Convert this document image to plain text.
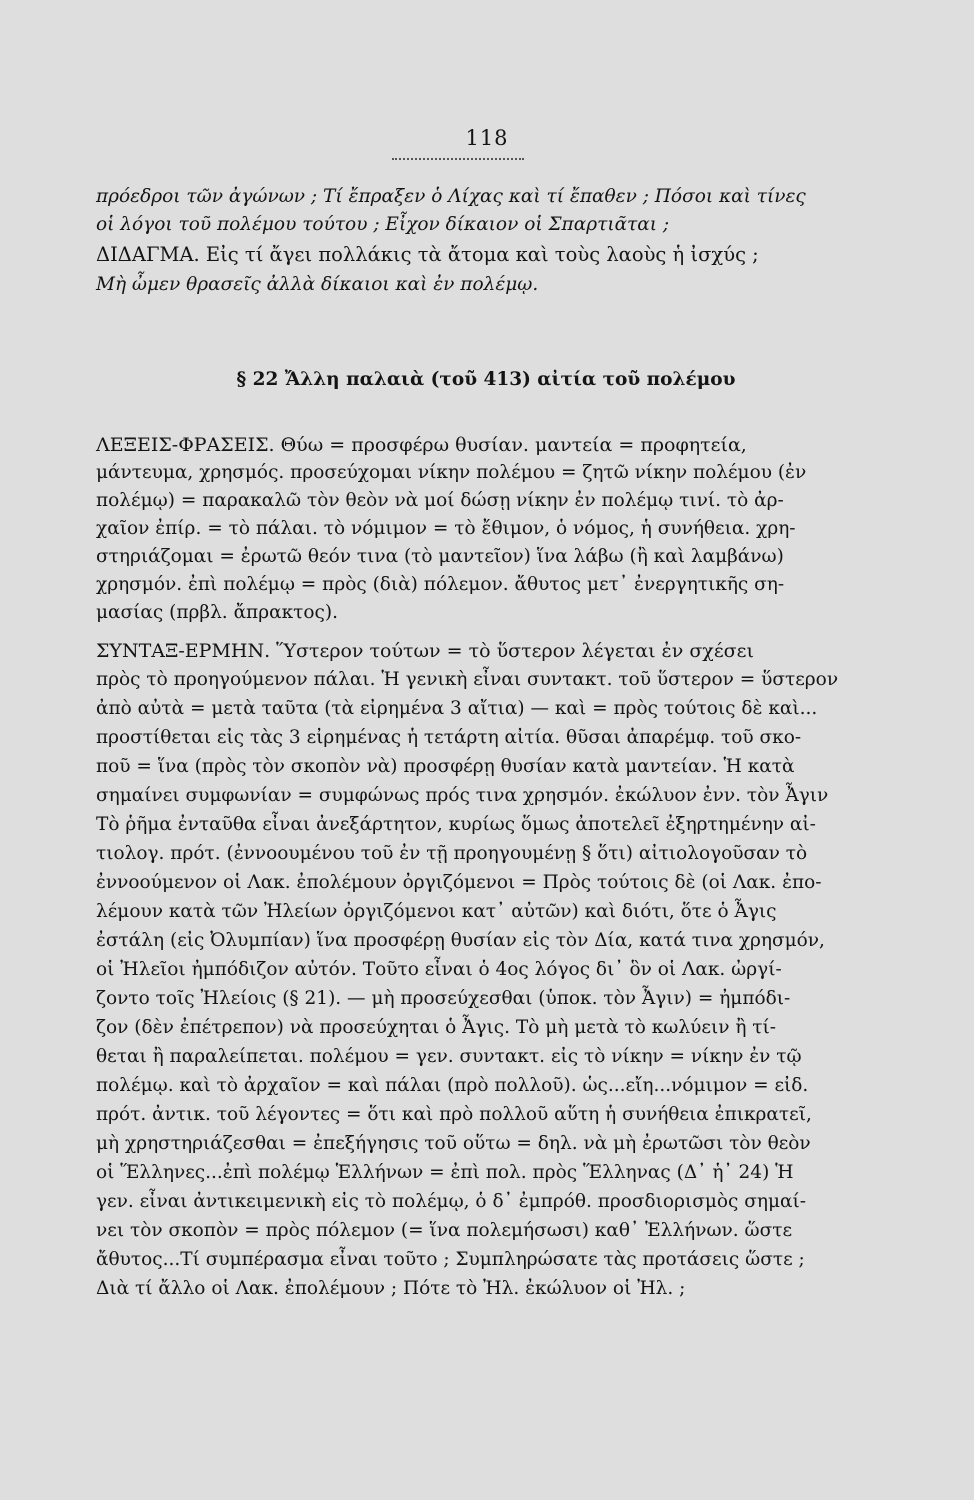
118
πρόεδροι τῶν ἀγώνων ; Τί ἔπραξεν ὁ Λίχας καὶ τί ἔπαθεν ; Πόσοι καὶ τίνες
οἱ λόγοι τοῦ πολέμου τούτου ; Εἶχον δίκαιον οἱ Σπαρτιᾶται ;
ΔΙΔΑΓΜΑ. Εἰς τί ἄγει πολλάκις τὰ ἄτομα καὶ τοὺς λαοὺς ἡ ἰσχύς ;
Μὴ ὦμεν θρασεῖς ἀλλὰ δίκαιοι καὶ ἐν πολέμῳ.
§ 22 Ἄλλη παλαιὰ (τοῦ 413) αἰτία τοῦ πολέμου
ΛΕΞΕΙΣ-ΦΡΑΣΕΙΣ. Θύω = προσφέρω θυσίαν. μαντεία = προφητεία,
μάντευμα, χρησμός. προσεύχομαι νίκην πολέμου = ζητῶ νίκην πολέμου (ἐν
πολέμῳ) = παρακαλῶ τὸν θεὸν νὰ μοί δώσῃ νίκην ἐν πολέμῳ τινί. τὸ ἀρ-
χαῖον ἐπίρ. = τὸ πάλαι. τὸ νόμιμον = τὸ ἔθιμον, ὁ νόμος, ἡ συνήθεια. χρη-
στηριάζομαι = ἐρωτῶ θεόν τινα (τὸ μαντεῖον) ἵνα λάβω (ἢ καὶ λαμβάνω)
χρησμόν. ἐπὶ πολέμῳ = πρὸς (διὰ) πόλεμον. ἄθυτος μετ᾽ ἐνεργητικῆς ση-
μασίας (πρβλ. ἄπρακτος).
ΣΥΝΤΑΞ-ΕΡΜΗΝ. Ὕστερον τούτων = τὸ ὕστερον λέγεται ἐν σχέσει
πρὸς τὸ προηγούμενον πάλαι. Ἡ γενικὴ εἶναι συντακτ. τοῦ ὕστερον = ὕστερον
ἀπὸ αὐτὰ = μετὰ ταῦτα (τὰ εἰρημένα 3 αἴτια) — καὶ = πρὸς τούτοις δὲ καὶ...
προστίθεται εἰς τὰς 3 εἰρημένας ἡ τετάρτη αἰτία. θῦσαι ἀπαρέμφ. τοῦ σκο-
ποῦ = ἵνα (πρὸς τὸν σκοπὸν νὰ) προσφέρῃ θυσίαν κατὰ μαντείαν. Ἡ κατὰ
σημαίνει συμφωνίαν = συμφώνως πρός τινα χρησμόν. ἐκώλυον ἐνν. τὸν Ἆγιν
Τὸ ῥῆμα ἐνταῦθα εἶναι ἀνεξάρτητον, κυρίως ὅμως ἀποτελεῖ ἐξηρτημένην αἰ-
τιολογ. πρότ. (ἐννοουμένου τοῦ ἐν τῇ προηγουμένῃ § ὅτι) αἰτιολογοῦσαν τὸ
ἐννοούμενον οἱ Λακ. ἐπολέμουν ὀργιζόμενοι = Πρὸς τούτοις δὲ (οἱ Λακ. ἐπο-
λέμουν κατὰ τῶν Ἠλείων ὀργιζόμενοι κατ᾽ αὐτῶν) καὶ διότι, ὅτε ὁ Ἆγις
ἐστάλη (εἰς Ὀλυμπίαν) ἵνα προσφέρῃ θυσίαν εἰς τὸν Δία, κατά τινα χρησμόν,
οἱ Ἠλεῖοι ἠμπόδιζον αὐτόν. Τοῦτο εἶναι ὁ 4ος λόγος δι᾽ ὃν οἱ Λακ. ὠργί-
ζοντο τοῖς Ἠλείοις (§ 21). — μὴ προσεύχεσθαι (ὑποκ. τὸν Ἆγιν) = ἠμπόδι-
ζον (δὲν ἐπέτρεπον) νὰ προσεύχηται ὁ Ἆγις. Τὸ μὴ μετὰ τὸ κωλύειν ἢ τί-
θεται ἢ παραλείπεται. πολέμου = γεν. συντακτ. εἰς τὸ νίκην = νίκην ἐν τῷ
πολέμῳ. καὶ τὸ ἀρχαῖον = καὶ πάλαι (πρὸ πολλοῦ). ὡς...εἴη...νόμιμον = εἰδ.
πρότ. ἀντικ. τοῦ λέγοντες = ὅτι καὶ πρὸ πολλοῦ αὕτη ἡ συνήθεια ἐπικρατεῖ,
μὴ χρηστηριάζεσθαι = ἐπεξήγησις τοῦ οὕτω = δηλ. νὰ μὴ ἐρωτῶσι τὸν θεὸν
οἱ Ἕλληνες...ἐπὶ πολέμῳ Ἑλλήνων = ἐπὶ πολ. πρὸς Ἕλληνας (Δ᾽ ἡ᾽ 24) Ἡ
γεν. εἶναι ἀντικειμενικὴ εἰς τὸ πολέμῳ, ὁ δ᾽ ἐμπρόθ. προσδιορισμὸς σημαί-
νει τὸν σκοπὸν = πρὸς πόλεμον (= ἵνα πολεμήσωσι) καθ᾽ Ἑλλήνων. ὥστε
ἄθυτος...Τί συμπέρασμα εἶναι τοῦτο ; Συμπληρώσατε τὰς προτάσεις ὥστε ;
Διὰ τί ἄλλο οἱ Λακ. ἐπολέμουν ; Πότε τὸ Ἠλ. ἐκώλυον οἱ Ἠλ. ;
